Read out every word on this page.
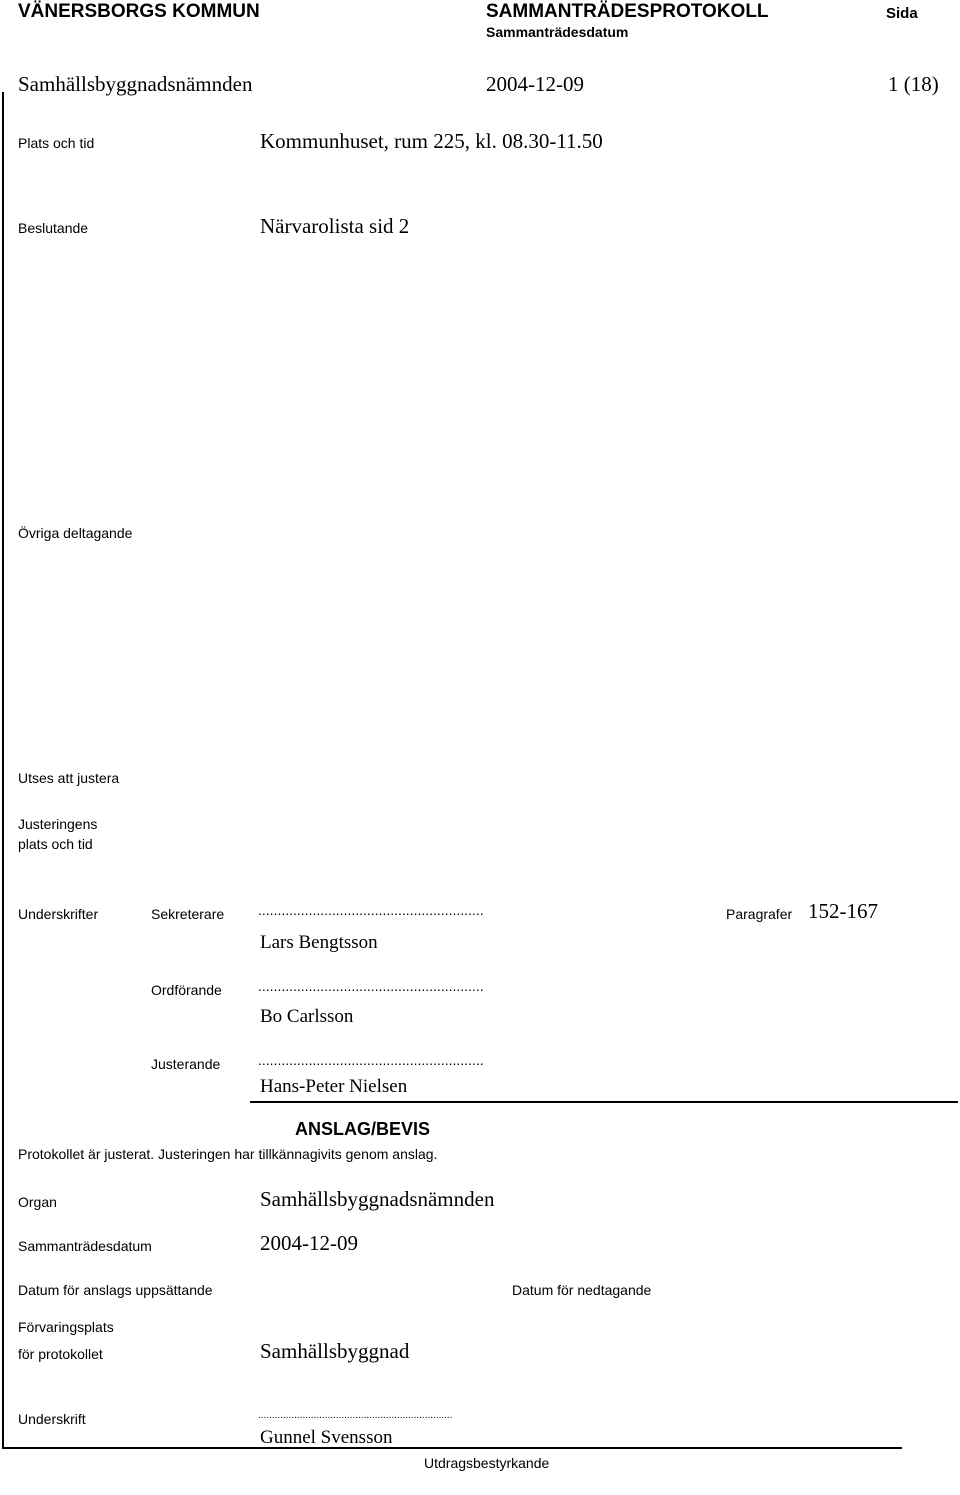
VÄNERSBORGS KOMMUN	SAMMANTRÄDESPROTOKOLL
Sammanträdesdatum
Sida
Samhällsbyggnadsnämnden	2004-12-09	1 (18)
Plats och tid	Kommunhuset, rum 225, kl. 08.30-11.50
Beslutande	Närvarolista sid 2
Övriga deltagande
Utses att justera
Justeringens
plats och tid
Underskrifter	Sekreterare ..........................................................	Paragrafer 152-167
Lars Bengtsson
Ordförande	..........................................................
Bo Carlsson
Justerande	..........................................................
Hans-Peter Nielsen
ANSLAG/BEVIS
Protokollet är justerat. Justeringen har tillkännagivits genom anslag.
Organ	Samhällsbyggnadsnämnden
Sammanträdesdatum	2004-12-09
Datum för anslags uppsättande	Datum för nedtagande
Förvaringsplats
för protokollet	Samhällsbyggnad
Underskrift	......................................................................
Gunnel Svensson
Utdragsbestyrkande
